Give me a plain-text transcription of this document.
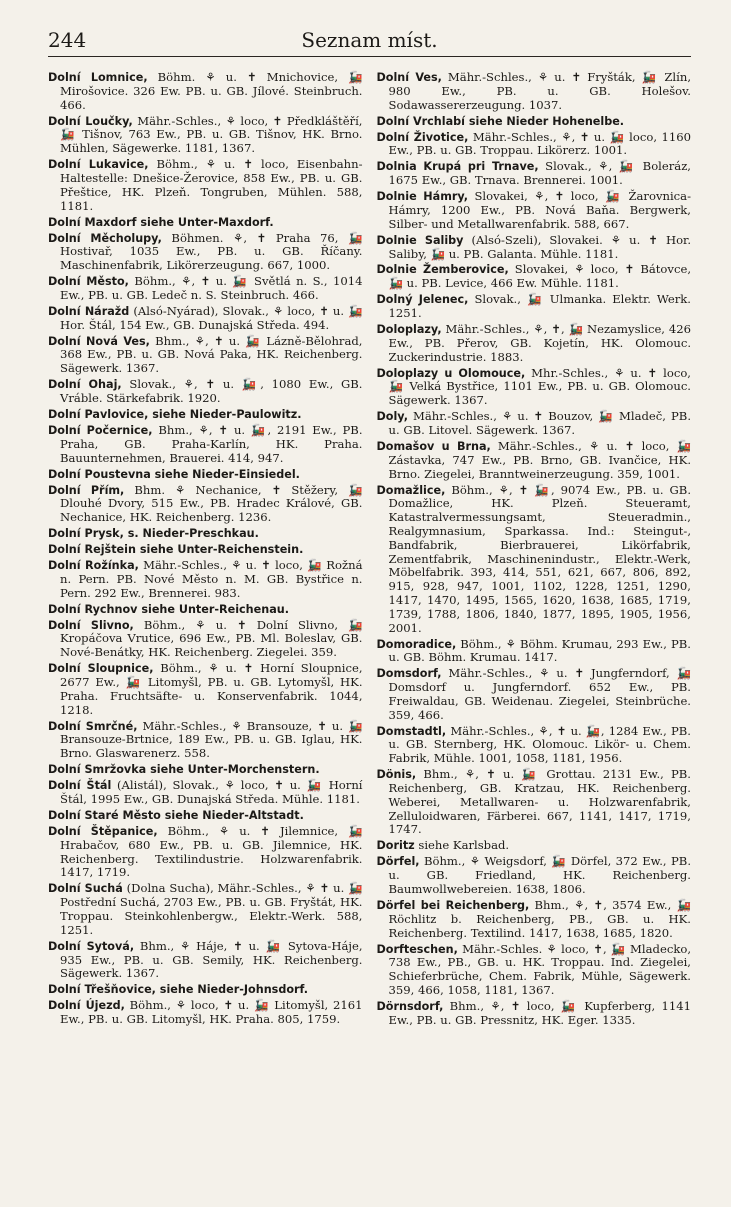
244	Seznam míst.

Dolní Lomnice, Böhm. ⚘ u. ✝ Mnichovice, 🚂 Mirošovice. 326 Ew. PB. u. GB. Jílové. Steinbruch. 466.

Dolní Loučky, Mähr.-Schles., ⚘ loco, ✝ Předkláštěří, 🚂 Tišnov, 763 Ew., PB. u. GB. Tišnov, HK. Brno. Mühlen, Sägewerke. 1181, 1367.

Dolní Lukavice, Böhm., ⚘ u. ✝ loco, Eisenbahn-Haltestelle: Dnešice-Žerovice, 858 Ew., PB. u. GB. Přeštice, HK. Plzeň. Tongruben, Mühlen. 588, 1181.

Dolní Maxdorf siehe Unter-Maxdorf.

Dolní Měcholupy, Böhmen. ⚘, ✝ Praha 76, 🚂 Hostivař, 1035 Ew., PB. u. GB. Říčany. Maschinenfabrik, Likörerzeugung. 667, 1000.

Dolní Město, Böhm., ⚘, ✝ u. 🚂 Světlá n. S., 1014 Ew., PB. u. GB. Ledeč n. S. Steinbruch. 466.

Dolní Náražd (Alsó-Nyárad), Slovak., ⚘ loco, ✝ u. 🚂 Hor. Štál, 154 Ew., GB. Dunajská Středa. 494.

Dolní Nová Ves, Bhm., ⚘, ✝ u. 🚂 Lázně-Bělohrad, 368 Ew., PB. u. GB. Nová Paka, HK. Reichenberg. Sägewerk. 1367.

Dolní Ohaj, Slovak., ⚘, ✝ u. 🚂, 1080 Ew., GB. Vráble. Stärkefabrik. 1920.

Dolní Pavlovice, siehe Nieder-Paulowitz.

Dolní Počernice, Bhm., ⚘, ✝ u. 🚂, 2191 Ew., PB. Praha, GB. Praha-Karlín, HK. Praha. Bauunternehmen, Brauerei. 414, 947.

Dolní Poustevna siehe Nieder-Einsiedel.

Dolní Přím, Bhm. ⚘ Nechanice, ✝ Stěžery, 🚂 Dlouhé Dvory, 515 Ew., PB. Hradec Králové, GB. Nechanice, HK. Reichenberg. 1236.

Dolní Prysk, s. Nieder-Preschkau.

Dolní Rejštein siehe Unter-Reichenstein.

Dolní Rožínka, Mähr.-Schles., ⚘ u. ✝ loco, 🚂 Rožná n. Pern. PB. Nové Město n. M. GB. Bystřice n. Pern. 292 Ew., Brennerei. 983.

Dolní Rychnov siehe Unter-Reichenau.

Dolní Slivno, Böhm., ⚘ u. ✝ Dolní Slivno, 🚂 Kropáčova Vrutice, 696 Ew., PB. Ml. Boleslav, GB. Nové-Benátky, HK. Reichenberg. Ziegelei. 359.

Dolní Sloupnice, Böhm., ⚘ u. ✝ Horní Sloupnice, 2677 Ew., 🚂 Litomyšl, PB. u. GB. Lytomyšl, HK. Praha. Fruchtsäfte- u. Konservenfabrik. 1044, 1218.

Dolní Smrčné, Mähr.-Schles., ⚘ Bransouze, ✝ u. 🚂 Bransouze-Brtnice, 189 Ew., PB. u. GB. Iglau, HK. Brno. Glaswarenerz. 558.

Dolní Smržovka siehe Unter-Morchenstern.

Dolní Štál (Alistál), Slovak., ⚘ loco, ✝ u. 🚂 Horní Štál, 1995 Ew., GB. Dunajská Středa. Mühle. 1181.

Dolní Staré Město siehe Nieder-Altstadt.

Dolní Štěpanice, Böhm., ⚘ u. ✝ Jilemnice, 🚂 Hrabačov, 680 Ew., PB. u. GB. Jilemnice, HK. Reichenberg. Textilindustrie. Holzwarenfabrik. 1417, 1719.

Dolní Suchá (Dolna Sucha), Mähr.-Schles., ⚘ ✝ u. 🚂 Postřední Suchá, 2703 Ew., PB. u. GB. Fryštát, HK. Troppau. Steinkohlenbergw., Elektr.-Werk. 588, 1251.

Dolní Sytová, Bhm., ⚘ Háje, ✝ u. 🚂 Sytova-Háje, 935 Ew., PB. u. GB. Semily, HK. Reichenberg. Sägewerk. 1367.

Dolní Třešňovice, siehe Nieder-Johnsdorf.

Dolní Újezd, Böhm., ⚘ loco, ✝ u. 🚂 Litomyšl, 2161 Ew., PB. u. GB. Litomyšl, HK. Praha. 805, 1759.

Dolní Ves, Mähr.-Schles., ⚘ u. ✝ Fryšták, 🚂 Zlín, 980 Ew., PB. u. GB. Holešov. Sodawassererzeugung. 1037.

Dolní Vrchlabí siehe Nieder Hohenelbe.

Dolní Životice, Mähr.-Schles., ⚘, ✝ u. 🚂 loco, 1160 Ew., PB. u. GB. Troppau. Likörerz. 1001.

Dolnia Krupá pri Trnave, Slovak., ⚘, 🚂 Boleráz, 1675 Ew., GB. Trnava. Brennerei. 1001.

Dolnie Hámry, Slovakei, ⚘, ✝ loco, 🚂 Žarovnica-Hámry, 1200 Ew., PB. Nová Baňa. Bergwerk, Silber- und Metallwarenfabrik. 588, 667.

Dolnie Saliby (Alsó-Szeli), Slovakei. ⚘ u. ✝ Hor. Saliby, 🚂 u. PB. Galanta. Mühle. 1181.

Dolnie Žemberovice, Slovakei, ⚘ loco, ✝ Bátovce, 🚂 u. PB. Levice, 466 Ew. Mühle. 1181.

Dolný Jelenec, Slovak., 🚂 Ulmanka. Elektr. Werk. 1251.

Doloplazy, Mähr.-Schles., ⚘, ✝, 🚂 Nezamyslice, 426 Ew., PB. Přerov, GB. Kojetín, HK. Olomouc. Zuckerindustrie. 1883.

Doloplazy u Olomouce, Mhr.-Schles., ⚘ u. ✝ loco, 🚂 Velká Bystřice, 1101 Ew., PB. u. GB. Olomouc. Sägewerk. 1367.

Doly, Mähr.-Schles., ⚘ u. ✝ Bouzov, 🚂 Mladeč, PB. u. GB. Litovel. Sägewerk. 1367.

Domašov u Brna, Mähr.-Schles., ⚘ u. ✝ loco, 🚂 Zástavka, 747 Ew., PB. Brno, GB. Ivančice, HK. Brno. Ziegelei, Branntweinerzeugung. 359, 1001.

Domažlice, Böhm., ⚘, ✝ 🚂, 9074 Ew., PB. u. GB. Domažlice, HK. Plzeň. Steueramt, Katastralvermessungsamt, Steueradmin., Realgymnasium, Sparkassa. Ind.: Steingut-, Bandfabrik, Bierbrauerei, Likörfabrik, Zementfabrik, Maschinenindustr., Elektr.-Werk, Möbelfabrik. 393, 414, 551, 621, 667, 806, 892, 915, 928, 947, 1001, 1102, 1228, 1251, 1290, 1417, 1470, 1495, 1565, 1620, 1638, 1685, 1719, 1739, 1788, 1806, 1840, 1877, 1895, 1905, 1956, 2001.

Domoradice, Böhm., ⚘ Böhm. Krumau, 293 Ew., PB. u. GB. Böhm. Krumau. 1417.

Domsdorf, Mähr.-Schles., ⚘ u. ✝ Jungferndorf, 🚂 Domsdorf u. Jungferndorf. 652 Ew., PB. Freiwaldau, GB. Weidenau. Ziegelei, Steinbrüche. 359, 466.

Domstadtl, Mähr.-Schles., ⚘, ✝ u. 🚂, 1284 Ew., PB. u. GB. Sternberg, HK. Olomouc. Likör- u. Chem. Fabrik, Mühle. 1001, 1058, 1181, 1956.

Dönis, Bhm., ⚘, ✝ u. 🚂 Grottau. 2131 Ew., PB. Reichenberg, GB. Kratzau, HK. Reichenberg. Weberei, Metallwaren- u. Holzwarenfabrik, Zelluloidwaren, Färberei. 667, 1141, 1417, 1719, 1747.

Doritz siehe Karlsbad.

Dörfel, Böhm., ⚘ Weigsdorf, 🚂 Dörfel, 372 Ew., PB. u. GB. Friedland, HK. Reichenberg. Baumwollwebereien. 1638, 1806.

Dörfel bei Reichenberg, Bhm., ⚘, ✝, 3574 Ew., 🚂 Röchlitz b. Reichenberg, PB., GB. u. HK. Reichenberg. Textilind. 1417, 1638, 1685, 1820.

Dorfteschen, Mähr.-Schles. ⚘ loco, ✝, 🚂 Mladecko, 738 Ew., PB., GB. u. HK. Troppau. Ind. Ziegelei, Schieferbrüche, Chem. Fabrik, Mühle, Sägewerk. 359, 466, 1058, 1181, 1367.

Dörnsdorf, Bhm., ⚘, ✝ loco, 🚂 Kupferberg, 1141 Ew., PB. u. GB. Pressnitz, HK. Eger. 1335.
